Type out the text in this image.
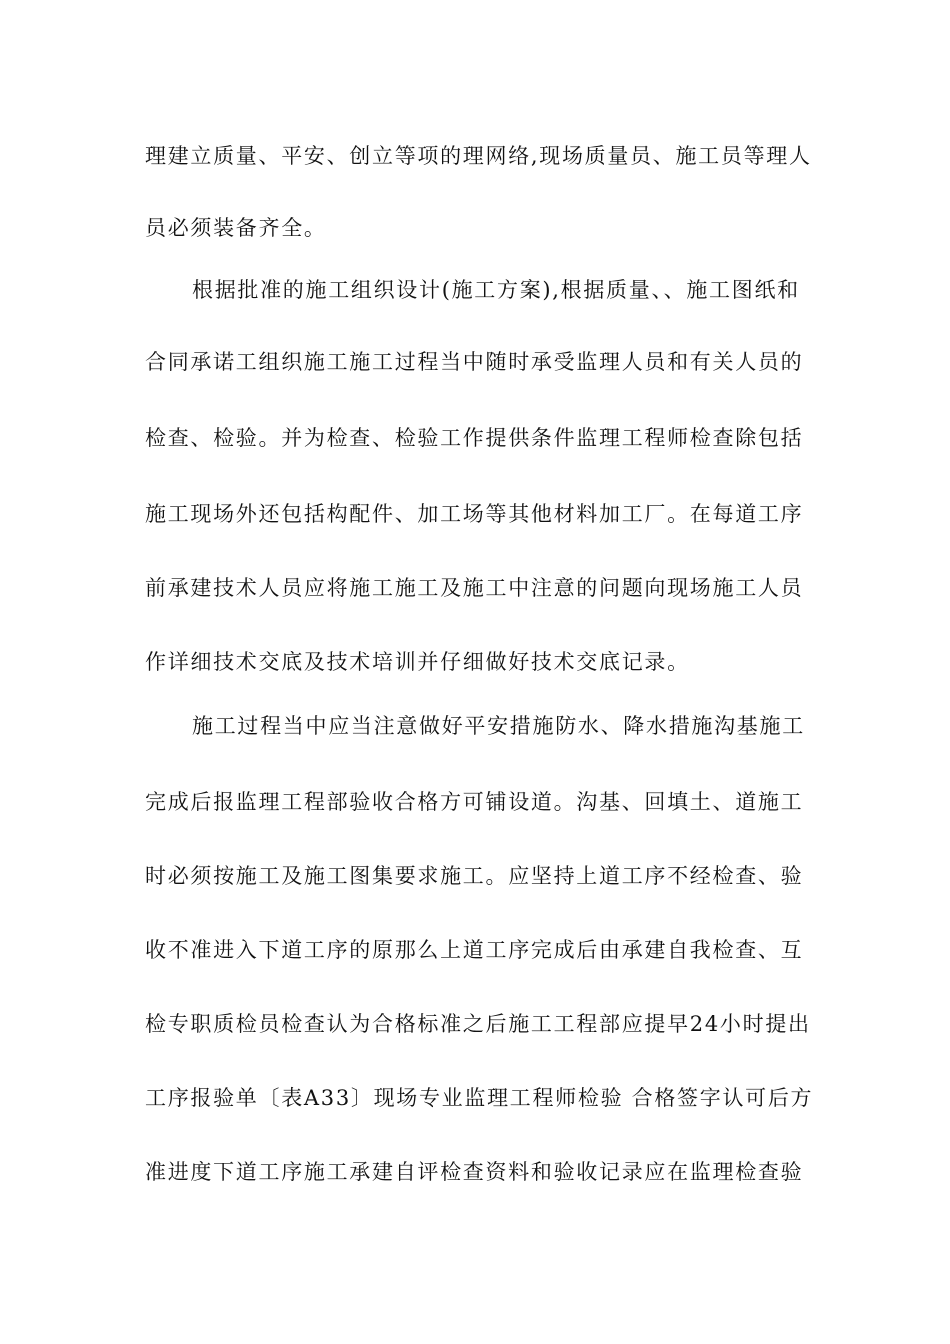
理建立质量、平安、创立等项的理网络,现场质量员、施工员等理人
员必须装备齐全。
根据批准的施工组织设计(施工方案),根据质量、、施工图纸和
合同承诺工组织施工施工过程当中随时承受监理人员和有关人员的
检查、检验。并为检查、检验工作提供条件监理工程师检查除包括
施工现场外还包括构配件、加工场等其他材料加工厂。在每道工序
前承建技术人员应将施工施工及施工中注意的问题向现场施工人员
作详细技术交底及技术培训并仔细做好技术交底记录。
施工过程当中应当注意做好平安措施防水、降水措施沟基施工
完成后报监理工程部验收合格方可铺设道。沟基、回填土、道施工
时必须按施工及施工图集要求施工。应坚持上道工序不经检查、验
收不准进入下道工序的原那么上道工序完成后由承建自我检查、互
检专职质检员检查认为合格标准之后施工工程部应提早24小时提出
工序报验单〔表A33〕现场专业监理工程师检验 合格签字认可后方
准进度下道工序施工承建自评检查资料和验收记录应在监理检查验
